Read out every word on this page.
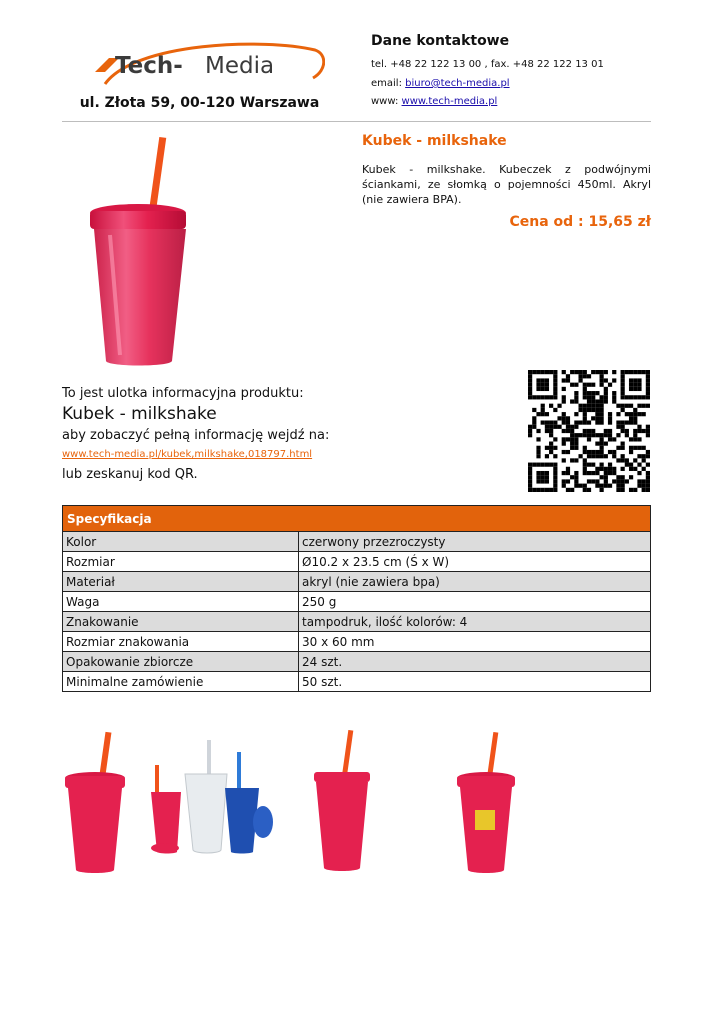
Tech- Media
ul. Złota 59, 00-120 Warszawa
Dane kontaktowe
tel. +48 22 122 13 00 , fax. +48 22 122 13 01
email: biuro@tech-media.pl
www: www.tech-media.pl
Kubek - milkshake
Kubek - milkshake. Kubeczek z podwójnymi ściankami, ze słomką o pojemności 450ml. Akryl (nie zawiera BPA).
Cena od : 15,65 zł
To jest ulotka informacyjna produktu:
Kubek - milkshake
aby zobaczyć pełną informację wejdź na:
www.tech-media.pl/kubek,milkshake,018797.html
lub zeskanuj kod QR.
Specyfikacja	
Kolor	czerwony przezroczysty
Rozmiar	Ø10.2 x 23.5 cm (Ś x W)
Materiał	akryl (nie zawiera bpa)
Waga	250 g
Znakowanie	tampodruk, ilość kolorów: 4
Rozmiar znakowania	30 x 60 mm
Opakowanie zbiorcze	24 szt.
Minimalne zamówienie	50 szt.
